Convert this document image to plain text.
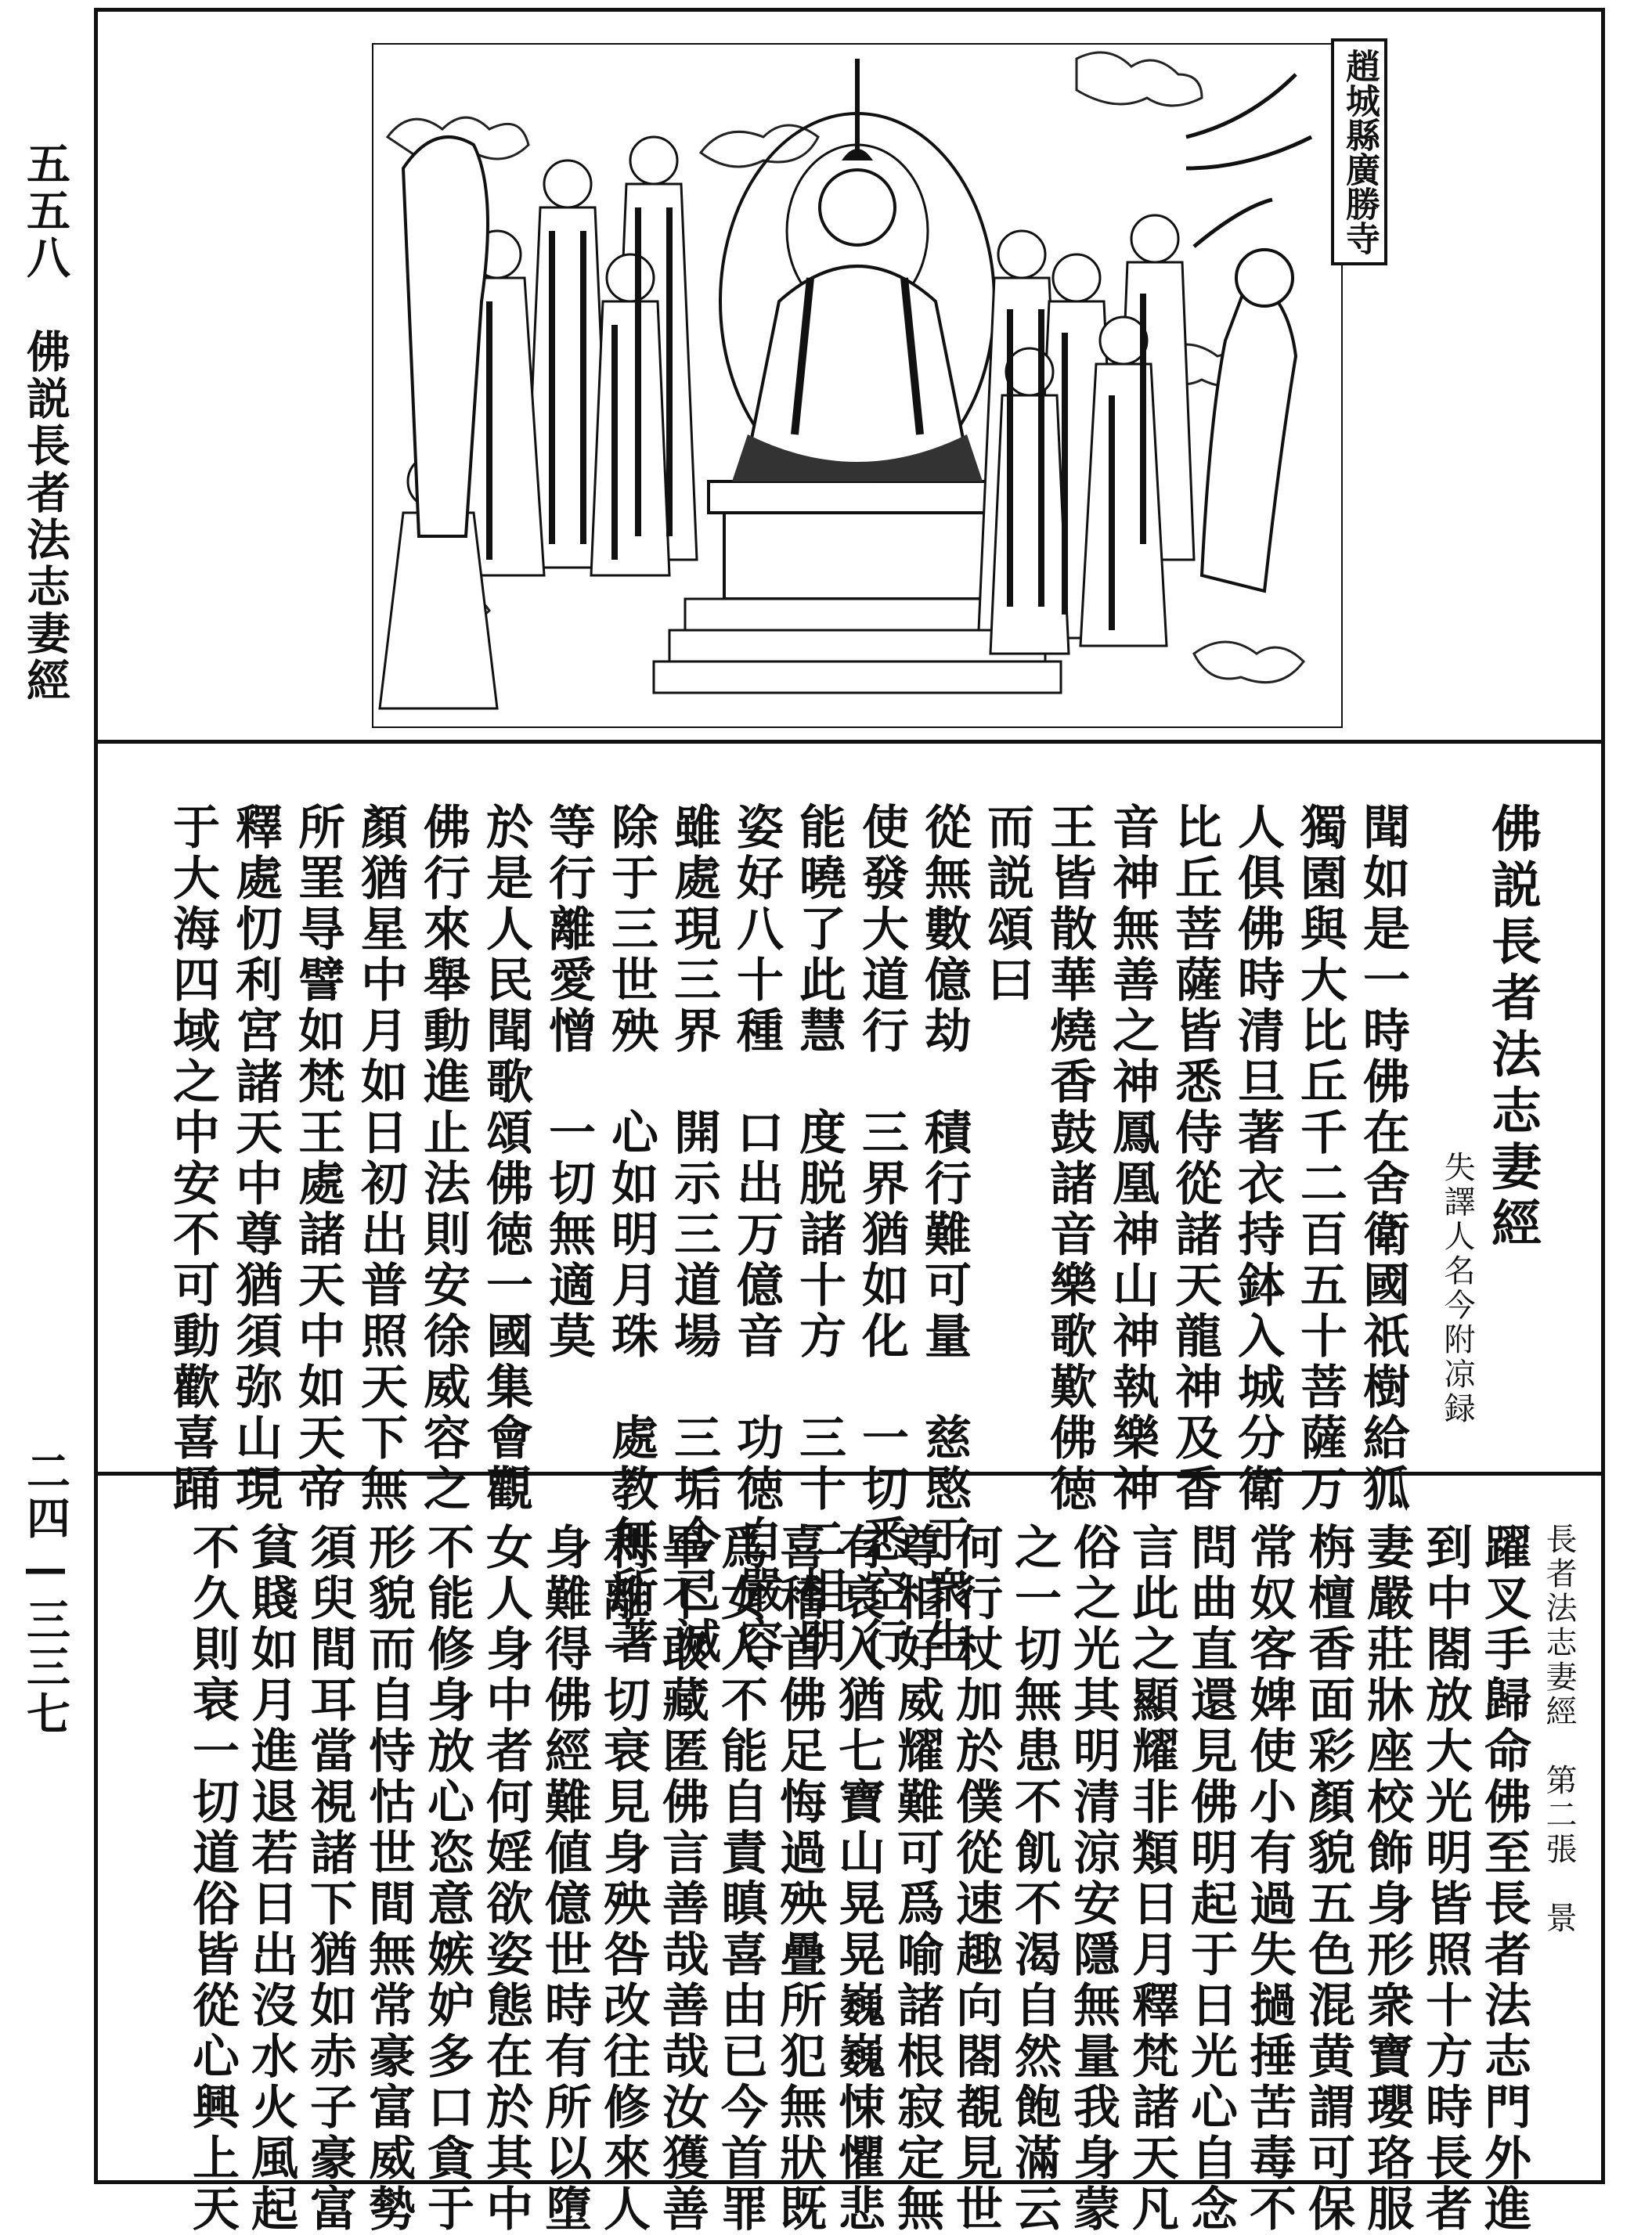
五五八　佛説長者法志妻經
二四—三三七
趙城縣廣勝寺
佛説長者法志妻經
失譯人名今附凉録
聞如是一時佛在舍衛國祇樹給狐
獨園與大比丘千二百五十菩薩万
人俱佛時清旦著衣持鉢入城分衛
比丘菩薩皆悉侍從諸天龍神及香
音神無善之神鳳凰神山神執樂神
王皆散華燒香鼓諸音樂歌歎佛徳
而説頌曰
從無數億劫　積行難可量　慈愍于衆生
使發大道行　三界猶如化　一切悉空行
能曉了此慧　度脱諸十方　三十二相明
姿好八十種　口出万億音　功徳自嚴容
雖處現三界　開示三道場　三垢今已滅
除于三世殃　心如明月珠　處教無所著
等行離愛憎　一切無適莫
於是人民聞歌頌佛徳一國集會觀
佛行來舉動進止法則安徐威容之
顏猶星中月如日初出普照天下無
所罣㝵譬如梵王處諸天中如天帝
釋處忉利宮諸天中尊猶須弥山現
于大海四域之中安不可動歡喜踊
長者法志妻經　第二張　景
躍叉手歸命佛至長者法志門外進
到中閤放大光明皆照十方時長者
妻嚴莊牀座校飾身形衆寶瓔珞服
栴檀香面彩顏貌五色混黄謂可保
常奴客婢使小有過失撾捶苦毒不
問曲直還見佛明起于日光心自念
言此之顯耀非類日月釋梵諸天凡
俗之光其明清涼安隱無量我身蒙
之一切無患不飢不渴自然飽滿云
何行杖加於僕從速趣向閤覩見世
尊相好威耀難可爲喻諸根寂定無
有衰入猶七寶山晃晃巍巍悚懼悲
喜稽首佛足悔過殃疊所犯無狀既
爲女人不能自責瞋喜由已今首罪
畢不敢藏匿佛言善哉善哉汝獲善
利離一切衰見身殃咎改往修來人
身難得佛經難値億世時有所以墮
女人身中者何婬欲姿態在於其中
不能修身放心恣意嫉妒多口貪于
形貌而自恃怙世間無常豪富威勢
須臾間耳當視諸下猶如赤子豪富
貧賤如月進退若日出沒水火風起
不久則衰一切道俗皆從心興上天
